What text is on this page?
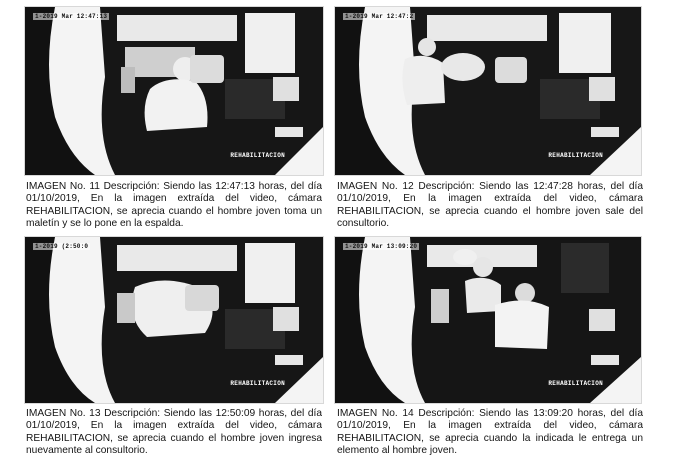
1-2019 Mar 12:47:13
REHABILITACION
IMAGEN No. 11 Descripción: Siendo las 12:47:13 horas, del día 01/10/2019, En la imagen extraída del video, cámara REHABILITACION, se aprecia cuando el hombre joven toma un maletín y se lo pone en la espalda.
1-2019 Mar 12:47:2
REHABILITACION
IMAGEN No. 12 Descripción: Siendo las 12:47:28 horas, del día 01/10/2019, En la imagen extraída del video, cámara REHABILITACION, se aprecia cuando el hombre joven sale del consultorio.
1-2019 (2:50:0
REHABILITACION
IMAGEN No. 13 Descripción: Siendo las 12:50:09 horas, del día 01/10/2019, En la imagen extraída del video, cámara REHABILITACION, se aprecia cuando el hombre joven ingresa nuevamente al consultorio.
1-2019 Mar 13:09:20
REHABILITACION
IMAGEN No. 14 Descripción: Siendo las 13:09:20 horas, del día 01/10/2019, En la imagen extraída del video, cámara REHABILITACION, se aprecia cuando la indicada le entrega un elemento al hombre joven.
